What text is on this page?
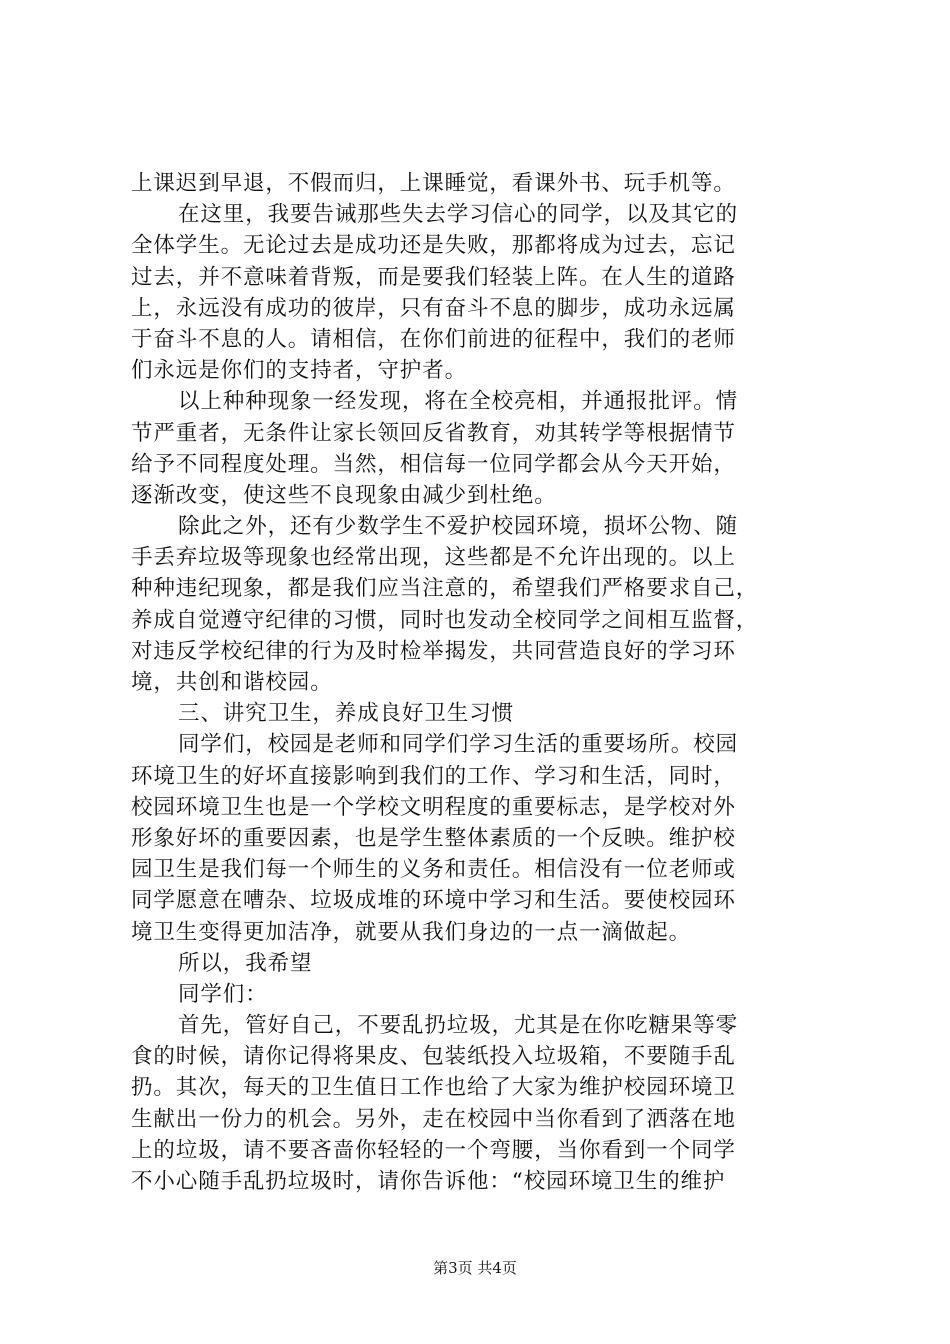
上课迟到早退，不假而归，上课睡觉，看课外书、玩手机等。
在这里，我要告诫那些失去学习信心的同学，以及其它的
全体学生。无论过去是成功还是失败，那都将成为过去，忘记
过去，并不意味着背叛，而是要我们轻装上阵。在人生的道路
上，永远没有成功的彼岸，只有奋斗不息的脚步，成功永远属
于奋斗不息的人。请相信，在你们前进的征程中，我们的老师
们永远是你们的支持者，守护者。
以上种种现象一经发现，将在全校亮相，并通报批评。情
节严重者，无条件让家长领回反省教育，劝其转学等根据情节
给予不同程度处理。当然，相信每一位同学都会从今天开始，
逐渐改变，使这些不良现象由减少到杜绝。
除此之外，还有少数学生不爱护校园环境，损坏公物、随
手丢弃垃圾等现象也经常出现，这些都是不允许出现的。以上
种种违纪现象，都是我们应当注意的，希望我们严格要求自己，
养成自觉遵守纪律的习惯，同时也发动全校同学之间相互监督，
对违反学校纪律的行为及时检举揭发，共同营造良好的学习环
境，共创和谐校园。
三、讲究卫生，养成良好卫生习惯
同学们，校园是老师和同学们学习生活的重要场所。校园
环境卫生的好坏直接影响到我们的工作、学习和生活，同时，
校园环境卫生也是一个学校文明程度的重要标志，是学校对外
形象好坏的重要因素，也是学生整体素质的一个反映。维护校
园卫生是我们每一个师生的义务和责任。相信没有一位老师或
同学愿意在嘈杂、垃圾成堆的环境中学习和生活。要使校园环
境卫生变得更加洁净，就要从我们身边的一点一滴做起。
所以，我希望
同学们：
首先，管好自己，不要乱扔垃圾，尤其是在你吃糖果等零
食的时候，请你记得将果皮、包装纸投入垃圾箱，不要随手乱
扔。其次，每天的卫生值日工作也给了大家为维护校园环境卫
生献出一份力的机会。另外，走在校园中当你看到了洒落在地
上的垃圾，请不要吝啬你轻轻的一个弯腰，当你看到一个同学
不小心随手乱扔垃圾时，请你告诉他：“校园环境卫生的维护
第3页 共4页
